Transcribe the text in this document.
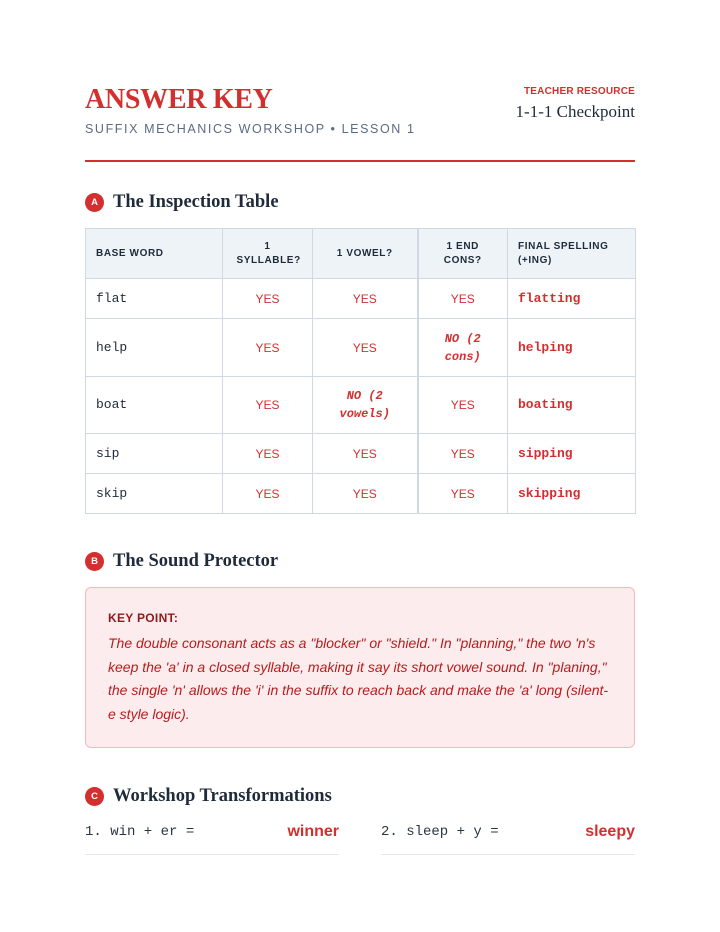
ANSWER KEY
SUFFIX MECHANICS WORKSHOP • LESSON 1
TEACHER RESOURCE
1-1-1 Checkpoint
A The Inspection Table
BASE WORD	1 SYLLABLE?	1 VOWEL?	1 END CONS?	FINAL SPELLING (+ING)

flat	YES	YES	YES	flatting
help	YES	YES	NO (2 cons)	helping
boat	YES	NO (2 vowels)	YES	boating
sip	YES	YES	YES	sipping
skip	YES	YES	YES	skipping
B The Sound Protector
KEY POINT:
The double consonant acts as a "blocker" or "shield." In "planning," the two 'n's keep the 'a' in a closed syllable, making it say its short vowel sound. In "planing," the single 'n' allows the 'i' in the suffix to reach back and make the 'a' long (silent-e style logic).
C Workshop Transformations
1. win + er =	winner	2. sleep + y =	sleepy
